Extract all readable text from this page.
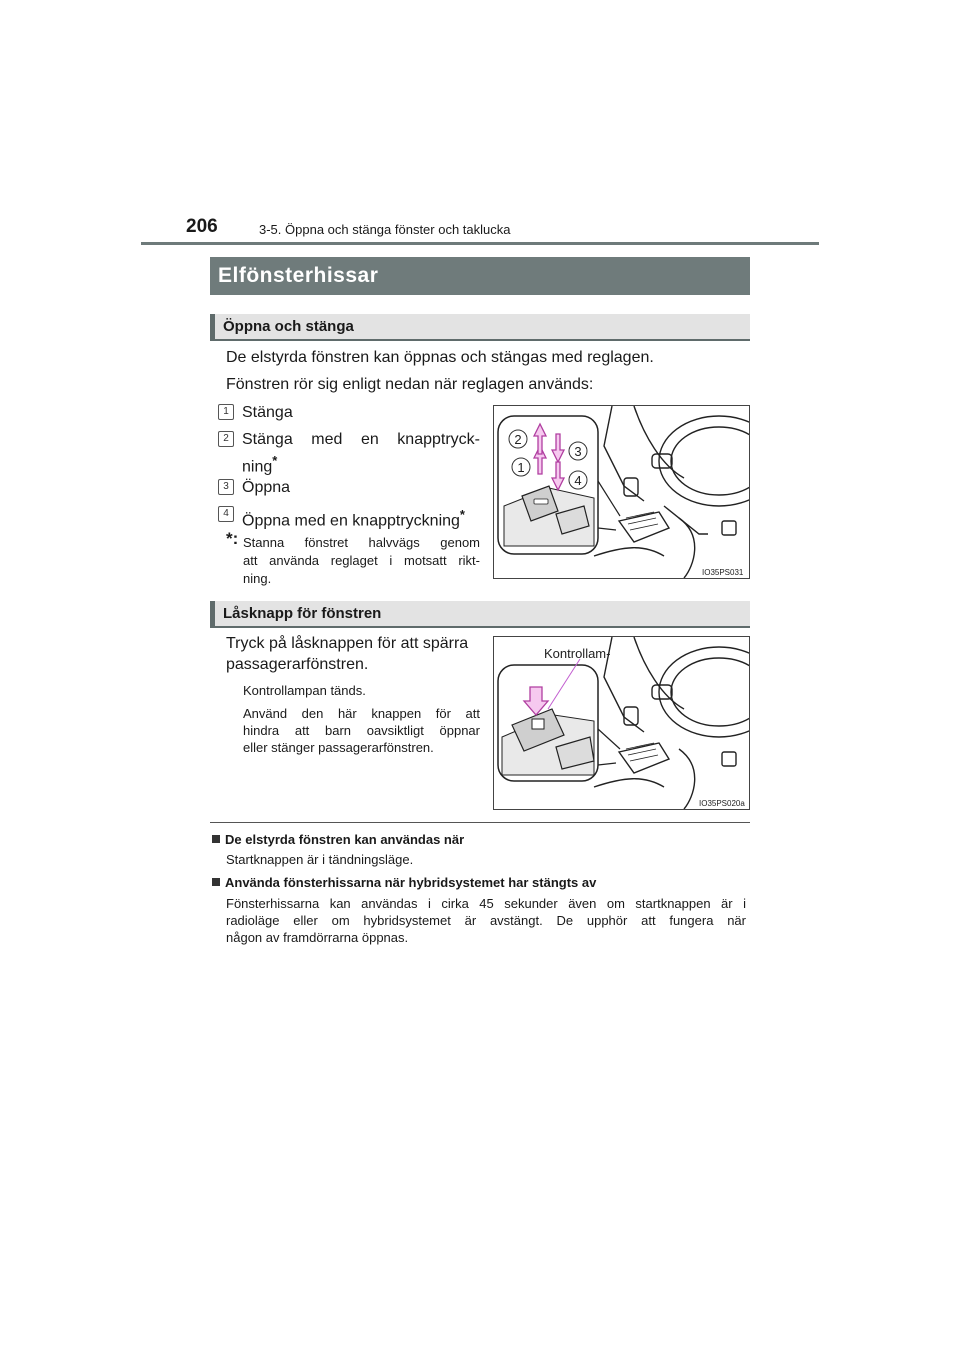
206	3-5. Öppna och stänga fönster och taklucka
Elfönsterhissar
Öppna och stänga
De elstyrda fönstren kan öppnas och stängas med reglagen.
Fönstren rör sig enligt nedan när reglagen används:
1 Stänga
2 Stänga med en knapptryck-
ning*
3 Öppna
4 Öppna med en knapptryckning*
*: Stanna fönstret halvvägs genom
att använda reglaget i motsatt rikt-
ning.
2
3
1
4
IO35PS031
Låsknapp för fönstren
Tryck på låsknappen för att spärra
passagerarfönstren.
Kontrollampan tänds.
Använd den här knappen för att
hindra att barn oavsiktligt öppnar
eller stänger passagerarfönstren.
Kontrollam-
IO35PS020a
De elstyrda fönstren kan användas när
Startknappen är i tändningsläge.
Använda fönsterhissarna när hybridsystemet har stängts av
Fönsterhissarna kan användas i cirka 45 sekunder även om startknappen är i
radioläge eller om hybridsystemet är avstängt. De upphör att fungera när
någon av framdörrarna öppnas.
